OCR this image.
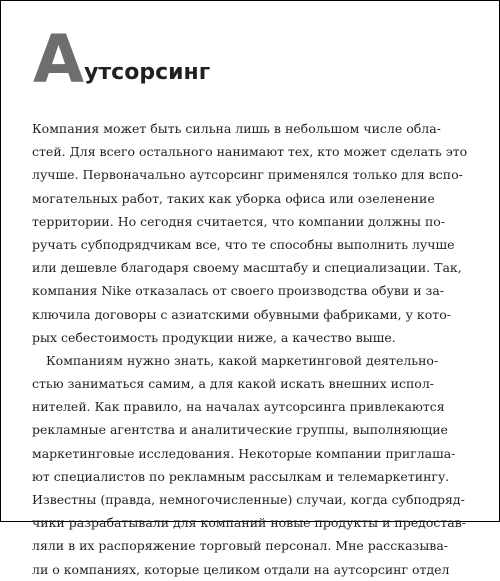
А утсорсинг
Компания может быть сильна лишь в небольшом числе обла-
стей. Для всего остального нанимают тех, кто может сделать это
лучше. Первоначально аутсорсинг применялся только для вспо-
могательных работ, таких как уборка офиса или озеленение
территории. Но сегодня считается, что компании должны по-
ручать субподрядчикам все, что те способны выполнить лучше
или дешевле благодаря своему масштабу и специализации. Так,
компания Nike отказалась от своего производства обуви и за-
ключила договоры с азиатскими обувными фабриками, у кото-
рых себестоимость продукции ниже, а качество выше.
Компаниям нужно знать, какой маркетинговой деятельно-
стью заниматься самим, а для какой искать внешних испол-
нителей. Как правило, на началах аутсорсинга привлекаются
рекламные агентства и аналитические группы, выполняющие
маркетинговые исследования. Некоторые компании приглаша-
ют специалистов по рекламным рассылкам и телемаркетингу.
Известны (правда, немногочисленные) случаи, когда субподряд-
чики разрабатывали для компаний новые продукты и предостав-
ляли в их распоряжение торговый персонал. Мне рассказыва-
ли о компаниях, которые целиком отдали на аутсорсинг отдел
